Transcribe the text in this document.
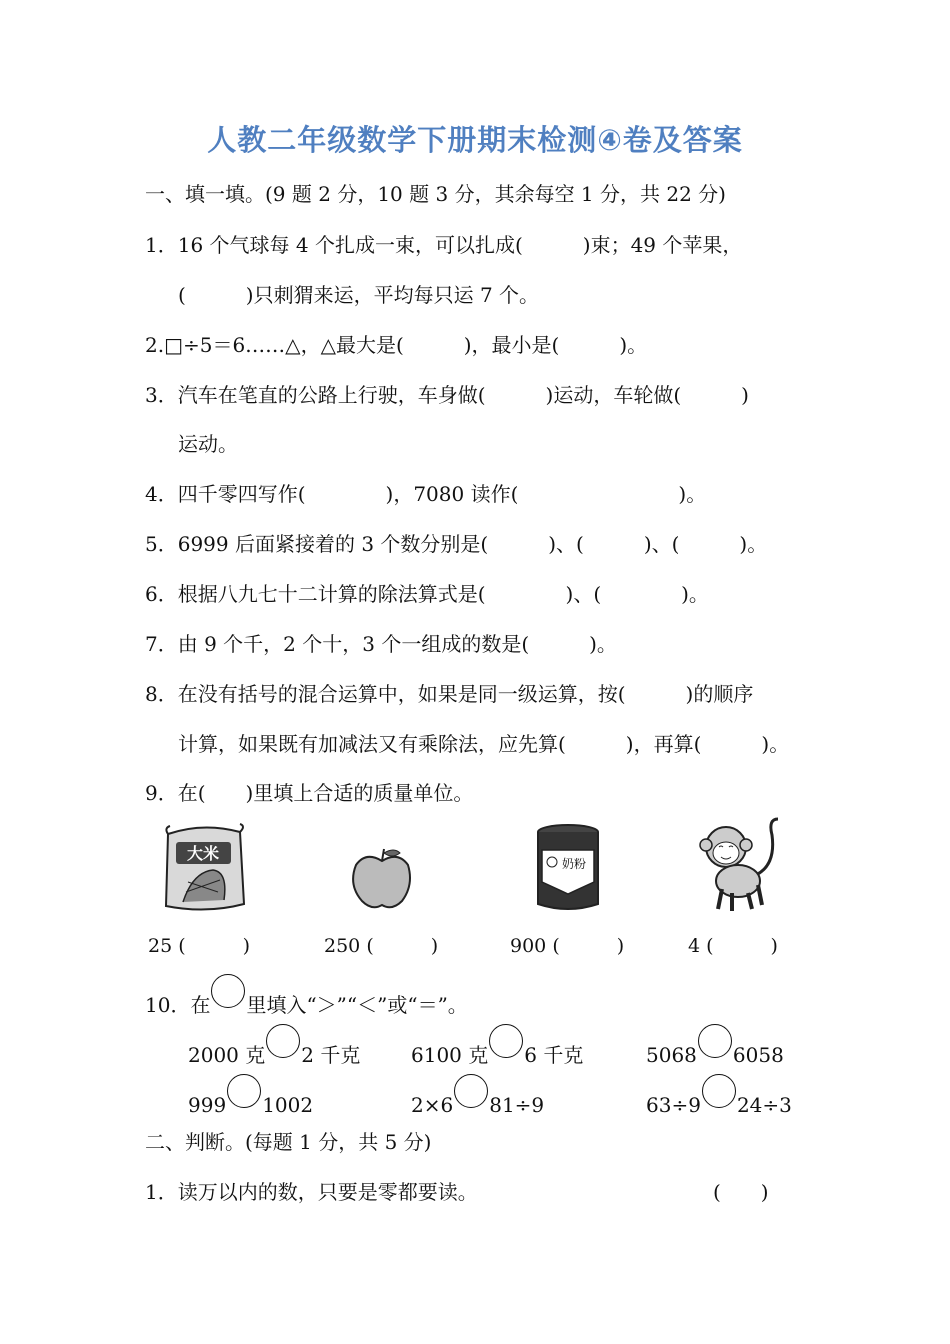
人教二年级数学下册期末检测④卷及答案
一、填一填。(9 题 2 分，10 题 3 分，其余每空 1 分，共 22 分)
1．16 个气球每 4 个扎成一束，可以扎成(　　　)束；49 个苹果，
(　　　)只刺猬来运，平均每只运 7 个。
2.□÷5＝6……△，△最大是(　　　)，最小是(　　　)。
3．汽车在笔直的公路上行驶，车身做(　　　)运动，车轮做(　　　)
运动。
4．四千零四写作(　　　　)，7080 读作(　　　　　　　　)。
5．6999 后面紧接着的 3 个数分别是(　　　)、(　　　)、(　　　)。
6．根据八九七十二计算的除法算式是(　　　　)、(　　　　)。
7．由 9 个千，2 个十，3 个一组成的数是(　　　)。
8．在没有括号的混合运算中，如果是同一级运算，按(　　　)的顺序
计算，如果既有加减法又有乘除法，应先算(　　　)，再算(　　　)。
9．在(　　)里填上合适的质量单位。
大米
奶粉
25 (　　　)	250 (　　　)	900 (　　　)	4 (　　　)
10．在 里填入“＞”“＜”或“＝”。
2000 克 2 千克	6100 克 6 千克	5068 6058
999 1002	2×6 81÷9	63÷9 24÷3
二、判断。(每题 1 分，共 5 分)
1．读万以内的数，只要是零都要读。	(　　)
